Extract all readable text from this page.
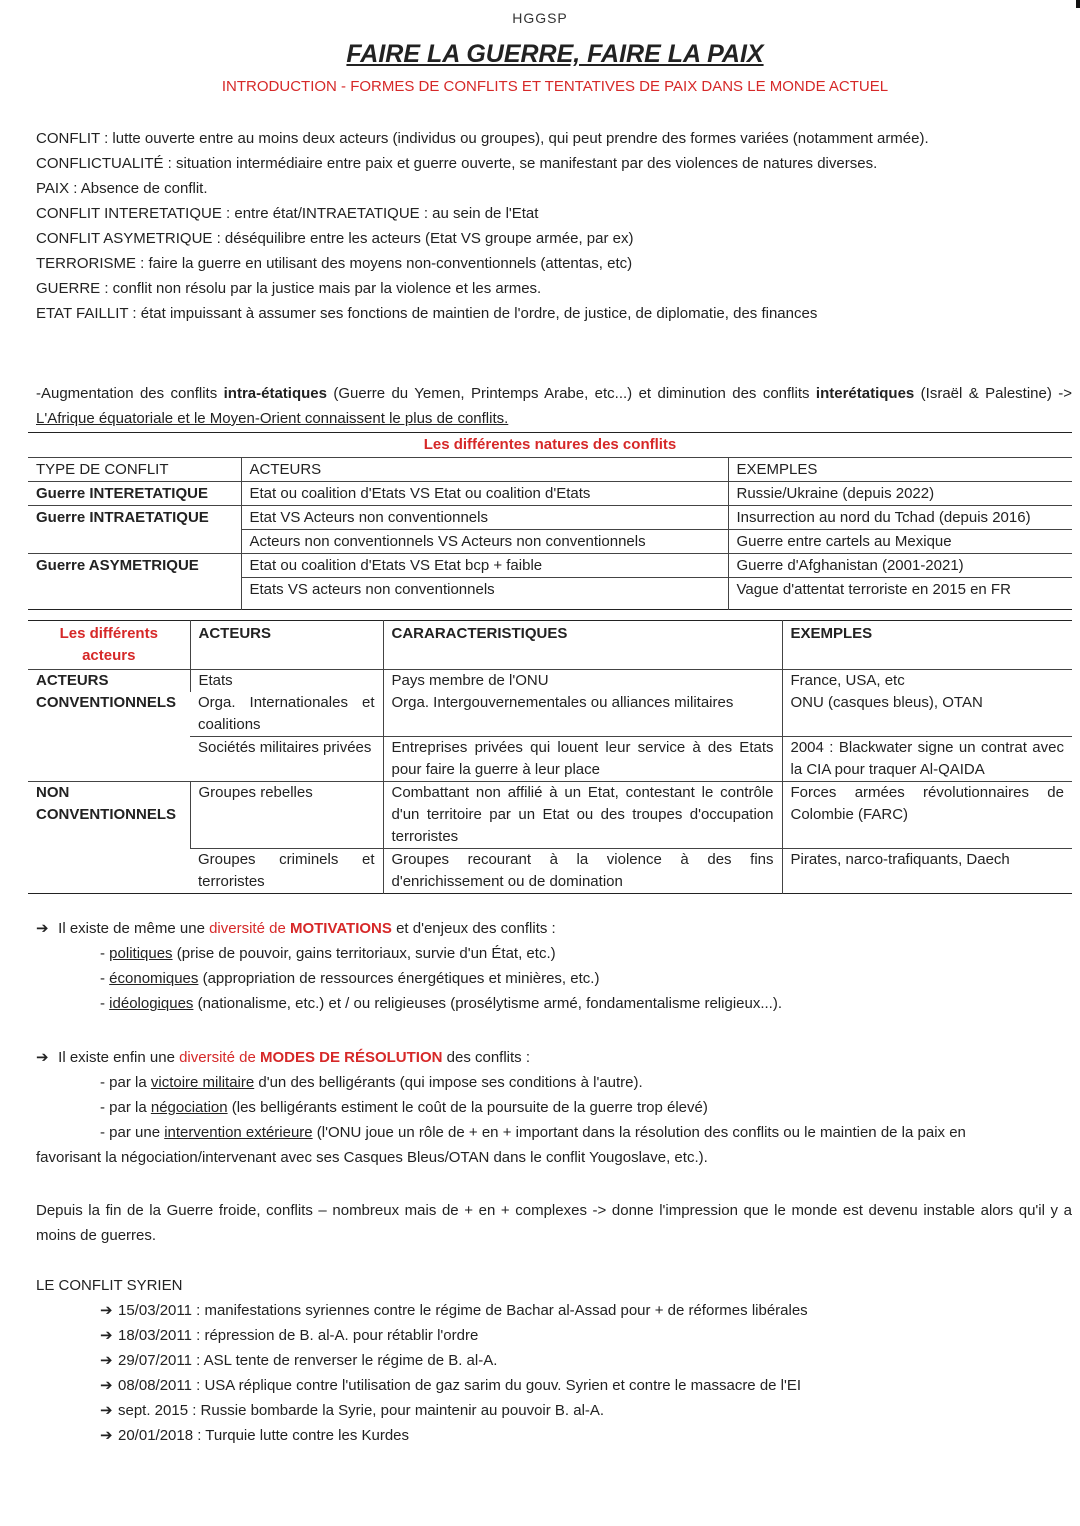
HGGSP
FAIRE LA GUERRE, FAIRE LA PAIX
INTRODUCTION - FORMES DE CONFLITS ET TENTATIVES DE PAIX DANS LE MONDE ACTUEL

CONFLIT : lutte ouverte entre au moins deux acteurs (individus ou groupes), qui peut prendre des formes variées (notamment armée).

CONFLICTUALITÉ : situation intermédiaire entre paix et guerre ouverte, se manifestant par des violences de natures diverses.

PAIX : Absence de conflit.

CONFLIT INTERETATIQUE : entre état/INTRAETATIQUE : au sein de l'Etat

CONFLIT ASYMETRIQUE : déséquilibre entre les acteurs (Etat VS groupe armée, par ex)

TERRORISME : faire la guerre en utilisant des moyens non-conventionnels (attentas, etc)

GUERRE : conflit non résolu par la justice mais par la violence et les armes.

ETAT FAILLIT : état impuissant à assumer ses fonctions de maintien de l'ordre, de justice, de diplomatie, des finances

-Augmentation des conflits intra-étatiques (Guerre du Yemen, Printemps Arabe, etc...) et diminution des conflits interétatiques (Israël & Palestine) -> L'Afrique équatoriale et le Moyen-Orient connaissent le plus de conflits.

Les différentes natures des conflits
TYPE DE CONFLIT	ACTEURS	EXEMPLES
Guerre INTERETATIQUE	Etat ou coalition d'Etats VS Etat ou coalition d'Etats	Russie/Ukraine (depuis 2022)
Guerre INTRAETATIQUE	Etat VS Acteurs non conventionnels	Insurrection au nord du Tchad (depuis 2016)
	Acteurs non conventionnels VS Acteurs non conventionnels	Guerre entre cartels au Mexique
Guerre ASYMETRIQUE	Etat ou coalition d'Etats VS Etat bcp + faible	Guerre d'Afghanistan (2001-2021)
	Etats VS acteurs non conventionnels	Vague d'attentat terroriste en 2015 en FR

Les différents acteurs	ACTEURS	CARARACTERISTIQUES	EXEMPLES
ACTEURS CONVENTIONNELS	Etats	Pays membre de l'ONU	France, USA, etc
	Orga. Internationales et coalitions	Orga. Intergouvernementales ou alliances militaires	ONU (casques bleus), OTAN
	Sociétés militaires privées	Entreprises privées qui louent leur service à des Etats pour faire la guerre à leur place	2004 : Blackwater signe un contrat avec la CIA pour traquer Al-QAIDA
NON CONVENTIONNELS	Groupes rebelles	Combattant non affilié à un Etat, contestant le contrôle d'un territoire par un Etat ou des troupes d'occupation terroristes	Forces armées révolutionnaires de Colombie (FARC)
	Groupes criminels et terroristes	Groupes recourant à la violence à des fins d'enrichissement ou de domination	Pirates, narco-trafiquants, Daech

➔ Il existe de même une diversité de MOTIVATIONS et d'enjeux des conflits :

- politiques (prise de pouvoir, gains territoriaux, survie d'un État, etc.)

- économiques (appropriation de ressources énergétiques et minières, etc.)

- idéologiques (nationalisme, etc.) et / ou religieuses (prosélytisme armé, fondamentalisme religieux...).

➔ Il existe enfin une diversité de MODES DE RÉSOLUTION des conflits :

- par la victoire militaire d'un des belligérants (qui impose ses conditions à l'autre).

- par la négociation (les belligérants estiment le coût de la poursuite de la guerre trop élevé)

- par une intervention extérieure (l'ONU joue un rôle de + en + important dans la résolution des conflits ou le maintien de la paix en

favorisant la négociation/intervenant avec ses Casques Bleus/OTAN dans le conflit Yougoslave, etc.).

Depuis la fin de la Guerre froide, conflits – nombreux mais de + en + complexes -> donne l'impression que le monde est devenu instable alors qu'il y a moins de guerres.

LE CONFLIT SYRIEN

➔ 15/03/2011 : manifestations syriennes contre le régime de Bachar al-Assad pour + de réformes libérales

➔ 18/03/2011 : répression de B. al-A. pour rétablir l'ordre

➔ 29/07/2011 : ASL tente de renverser le régime de B. al-A.

➔ 08/08/2011 : USA réplique contre l'utilisation de gaz sarim du gouv. Syrien et contre le massacre de l'EI

➔ sept. 2015 : Russie bombarde la Syrie, pour maintenir au pouvoir B. al-A.

➔ 20/01/2018 : Turquie lutte contre les Kurdes
